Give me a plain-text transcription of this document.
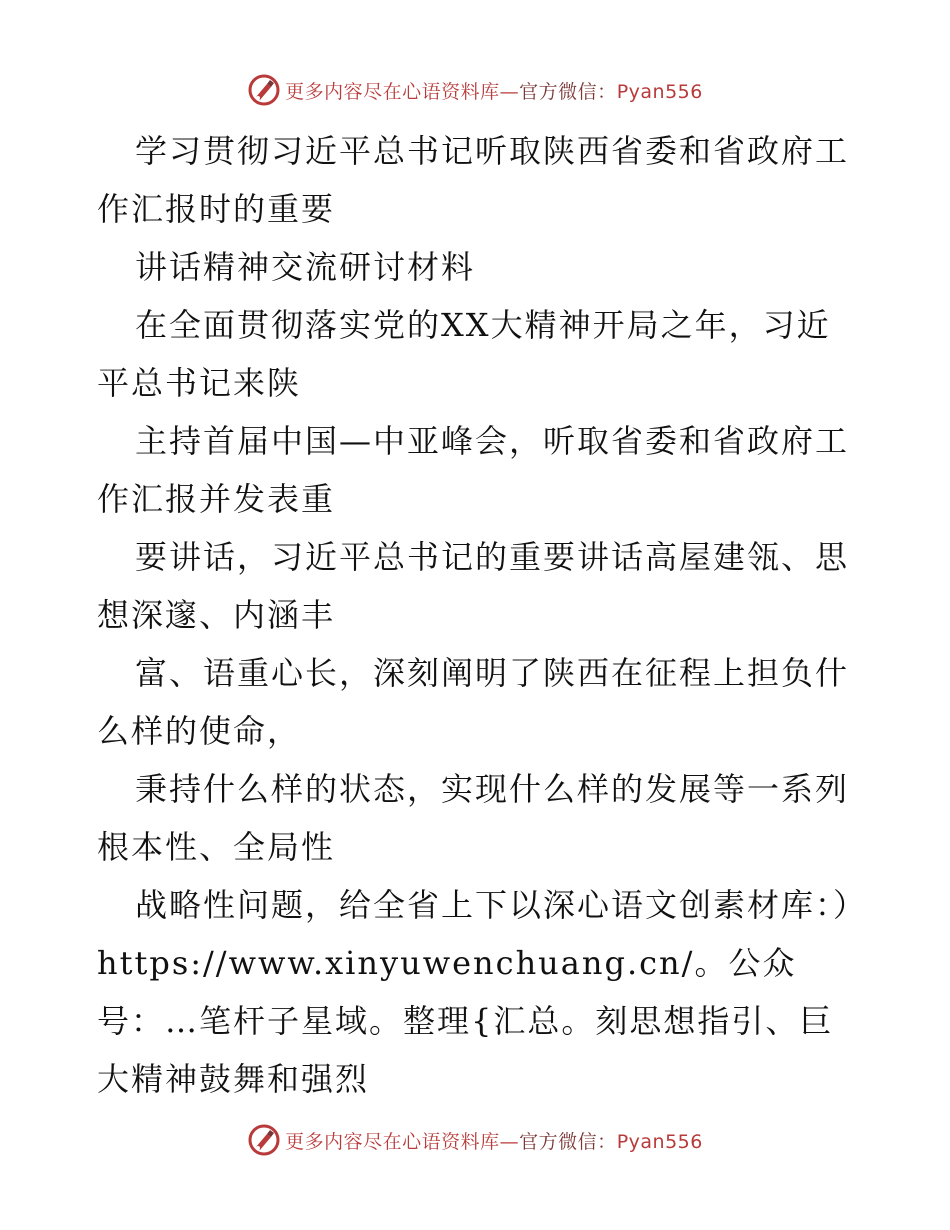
更多内容尽在心语资料库—官方微信：Pyan556

学习贯彻习近平总书记听取陕西省委和省政府工作汇报时的重要

讲话精神交流研讨材料

在全面贯彻落实党的XX大精神开局之年，习近平总书记来陕

主持首届中国—中亚峰会，听取省委和省政府工作汇报并发表重

要讲话，习近平总书记的重要讲话高屋建瓴、思想深邃、内涵丰

富、语重心长，深刻阐明了陕西在征程上担负什么样的使命，

秉持什么样的状态，实现什么样的发展等一系列根本性、全局性

战略性问题，给全省上下以深心语文创素材库：）https://www.xinyuwenchuang.cn/。公众号：…笔杆子星域。整理{汇总。刻思想指引、巨大精神鼓舞和强烈

更多内容尽在心语资料库—官方微信：Pyan556
